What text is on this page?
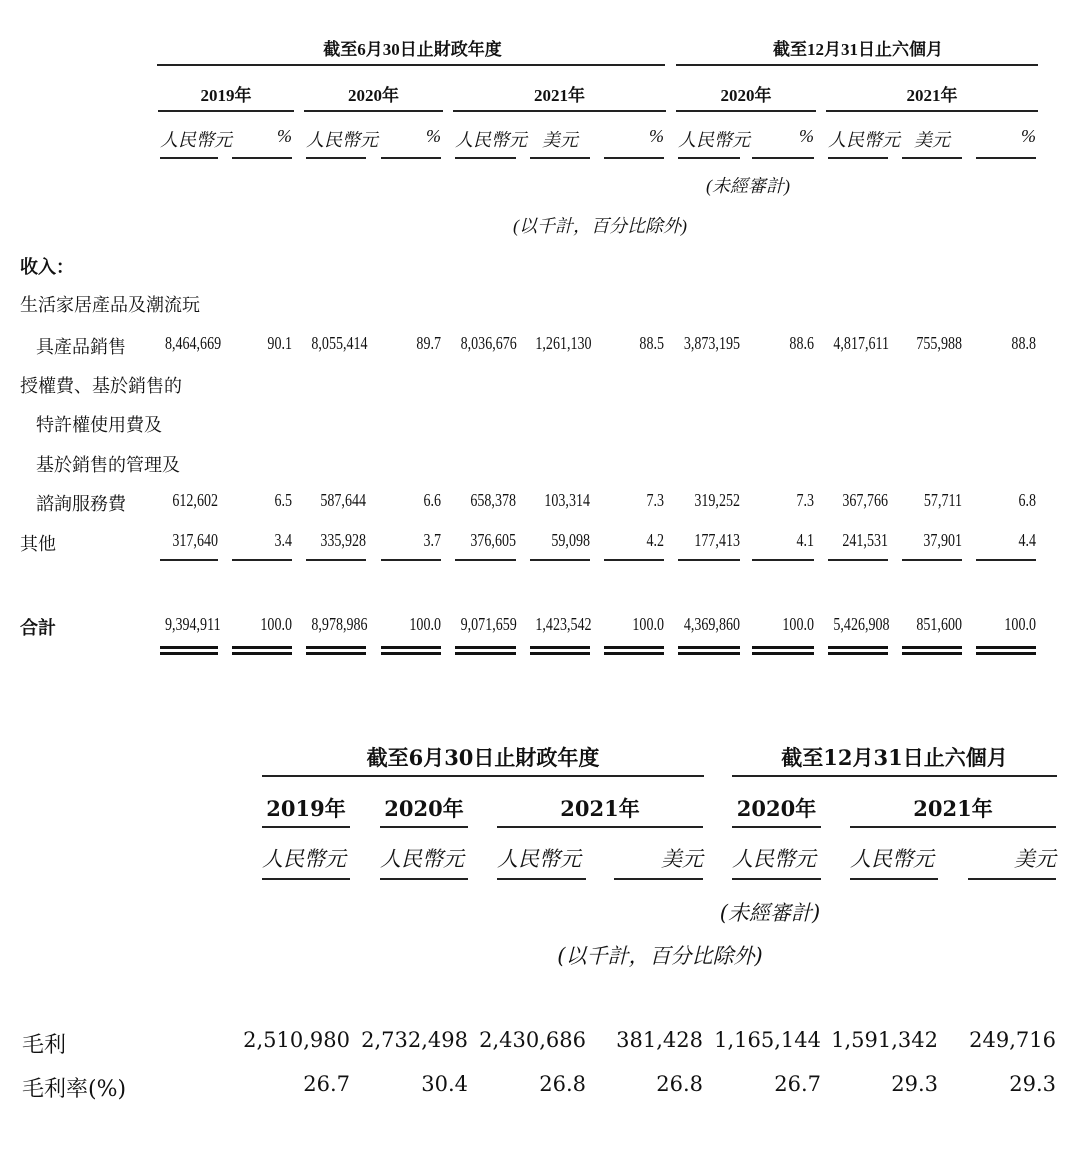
截至6月30日止財政年度	截至12月31日止六個月
2019年	2020年	2021年	2020年	2021年
人民幣元	% 人民幣元	% 人民幣元 美元	% 人民幣元	% 人民幣元 美元	%
(未經審計)
(以千計，百分比除外)
收入：
生活家居產品及潮流玩
具產品銷售 8,464,669	90.1 8,055,414	89.7 8,036,676 1,261,130	88.5 3,873,195	88.6 4,817,611	755,988	88.8
授權費、基於銷售的
特許權使用費及
基於銷售的管理及
諮詢服務費	612,602	6.5	587,644	6.6	658,378	103,314	7.3	319,252	7.3	367,766	57,711	6.8
其他	317,640	3.4	335,928	3.7	376,605	59,098	4.2	177,413	4.1	241,531	37,901	4.4
合計	9,394,911	100.0 8,978,986	100.0 9,071,659 1,423,542	100.0 4,369,860	100.0 5,426,908	851,600	100.0
截至6月30日止財政年度	截至12月31日止六個月
2019年 2020年	2021年	2020年	2021年
人民幣元 人民幣元 人民幣元	美元 人民幣元 人民幣元	美元
(未經審計)
(以千計，百分比除外)
毛利	2,510,980 2,732,498 2,430,686	381,428 1,165,144 1,591,342	249,716
毛利率(%)	26.7	30.4	26.8	26.8	26.7	29.3	29.3
